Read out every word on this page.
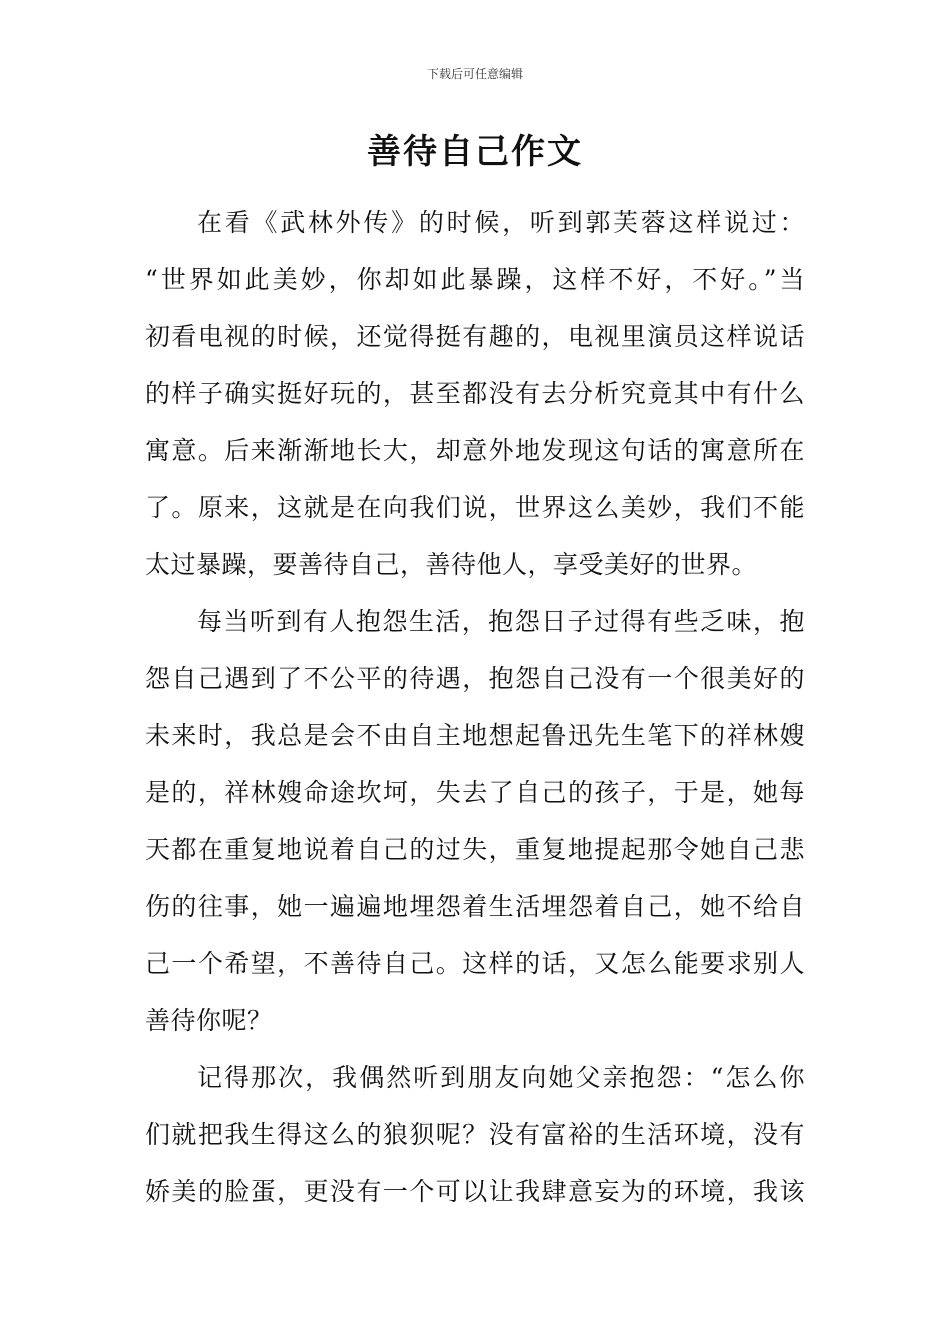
下载后可任意编辑
善待自己作文
在看《武林外传》的时候，听到郭芙蓉这样说过：
“世界如此美妙，你却如此暴躁，这样不好，不好。”当
初看电视的时候，还觉得挺有趣的，电视里演员这样说话
的样子确实挺好玩的，甚至都没有去分析究竟其中有什么
寓意。后来渐渐地长大，却意外地发现这句话的寓意所在
了。原来，这就是在向我们说，世界这么美妙，我们不能
太过暴躁，要善待自己，善待他人，享受美好的世界。
每当听到有人抱怨生活，抱怨日子过得有些乏味，抱
怨自己遇到了不公平的待遇，抱怨自己没有一个很美好的
未来时，我总是会不由自主地想起鲁迅先生笔下的祥林嫂
是的，祥林嫂命途坎坷，失去了自己的孩子，于是，她每
天都在重复地说着自己的过失，重复地提起那令她自己悲
伤的往事，她一遍遍地埋怨着生活埋怨着自己，她不给自
己一个希望，不善待自己。这样的话，又怎么能要求别人
善待你呢？
记得那次，我偶然听到朋友向她父亲抱怨：“怎么你
们就把我生得这么的狼狈呢？没有富裕的生活环境，没有
娇美的脸蛋，更没有一个可以让我肆意妄为的环境，我该
